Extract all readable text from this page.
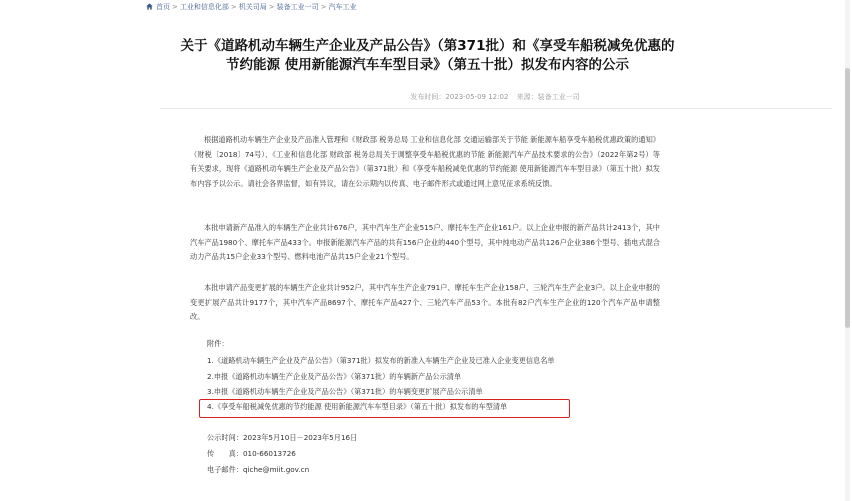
首页 > 工业和信息化部 > 机关司局 > 装备工业一司 > 汽车工业
关于《道路机动车辆生产企业及产品公告》（第371批）和《享受车船税减免优惠的
节约能源 使用新能源汽车车型目录》（第五十批）拟发布内容的公示
发布时间：2023-05-09 12:02 来源：装备工业一司
根据道路机动车辆生产企业及产品准入管理和《财政部 税务总局 工业和信息化部 交通运输部关于节能 新能源车船享受车船税优惠政策的通知》（财税〔2018〕74号）、《工业和信息化部 财政部 税务总局关于调整享受车船税优惠的节能 新能源汽车产品技术要求的公告》（2022年第2号）等有关要求，现将《道路机动车辆生产企业及产品公告》（第371批）和《享受车船税减免优惠的节约能源 使用新能源汽车车型目录》（第五十批）拟发布内容予以公示。请社会各界监督，如有异议，请在公示期内以传真、电子邮件形式或通过网上意见征求系统反馈。
本批申请新产品准入的车辆生产企业共计676户，其中汽车生产企业515户、摩托车生产企业161户。以上企业申报的新产品共计2413个，其中汽车产品1980个、摩托车产品433个。申报新能源汽车产品的共有156户企业的440个型号，其中纯电动产品共126户企业386个型号、插电式混合动力产品共15户企业33个型号、燃料电池产品共15户企业21个型号。
本批申请产品变更扩展的车辆生产企业共计952户，其中汽车生产企业791户、摩托车生产企业158户、三轮汽车生产企业3户。以上企业申报的变更扩展产品共计9177个，其中汽车产品8697个、摩托车产品427个、三轮汽车产品53个。本批有82户汽车生产企业的120个汽车产品申请整改。
附件：
1.《道路机动车辆生产企业及产品公告》（第371批）拟发布的新准入车辆生产企业及已准入企业变更信息名单
2.申报《道路机动车辆生产企业及产品公告》（第371批）的车辆新产品公示清单
3.申报《道路机动车辆生产企业及产品公告》（第371批）的车辆变更扩展产品公示清单
4.《享受车船税减免优惠的节约能源 使用新能源汽车车型目录》（第五十批）拟发布的车型清单
公示时间：2023年5月10日－2023年5月16日
传　　真：010-66013726
电子邮件：qiche@miit.gov.cn
